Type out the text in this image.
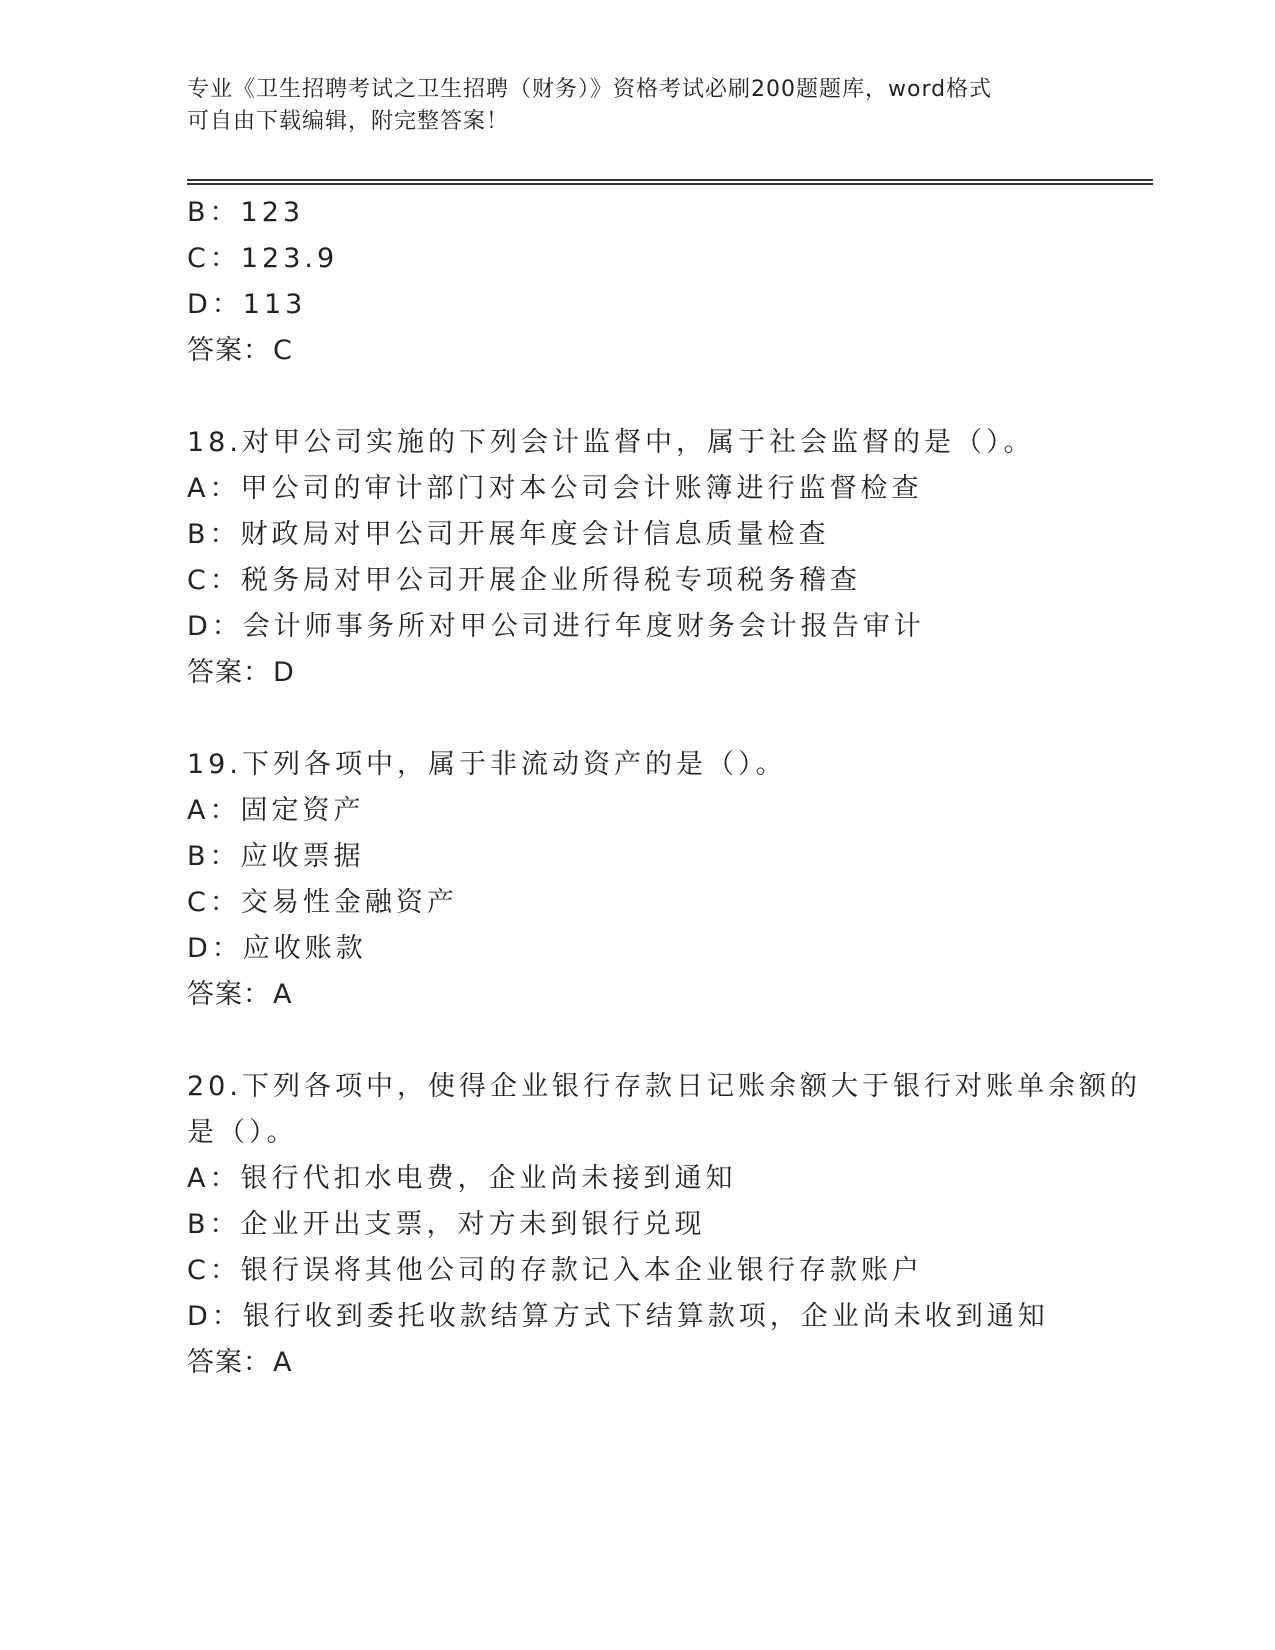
专业《卫生招聘考试之卫生招聘（财务）》资格考试必刷200题题库，word格式
可自由下载编辑，附完整答案！
B：123
C：123.9
D：113
答案：C
18.对甲公司实施的下列会计监督中，属于社会监督的是（）。
A：甲公司的审计部门对本公司会计账簿进行监督检查
B：财政局对甲公司开展年度会计信息质量检查
C：税务局对甲公司开展企业所得税专项税务稽查
D：会计师事务所对甲公司进行年度财务会计报告审计
答案：D
19.下列各项中，属于非流动资产的是（）。
A：固定资产
B：应收票据
C：交易性金融资产
D：应收账款
答案：A
20.下列各项中，使得企业银行存款日记账余额大于银行对账单余额的
是（）。
A：银行代扣水电费，企业尚未接到通知
B：企业开出支票，对方未到银行兑现
C：银行误将其他公司的存款记入本企业银行存款账户
D：银行收到委托收款结算方式下结算款项，企业尚未收到通知
答案：A
